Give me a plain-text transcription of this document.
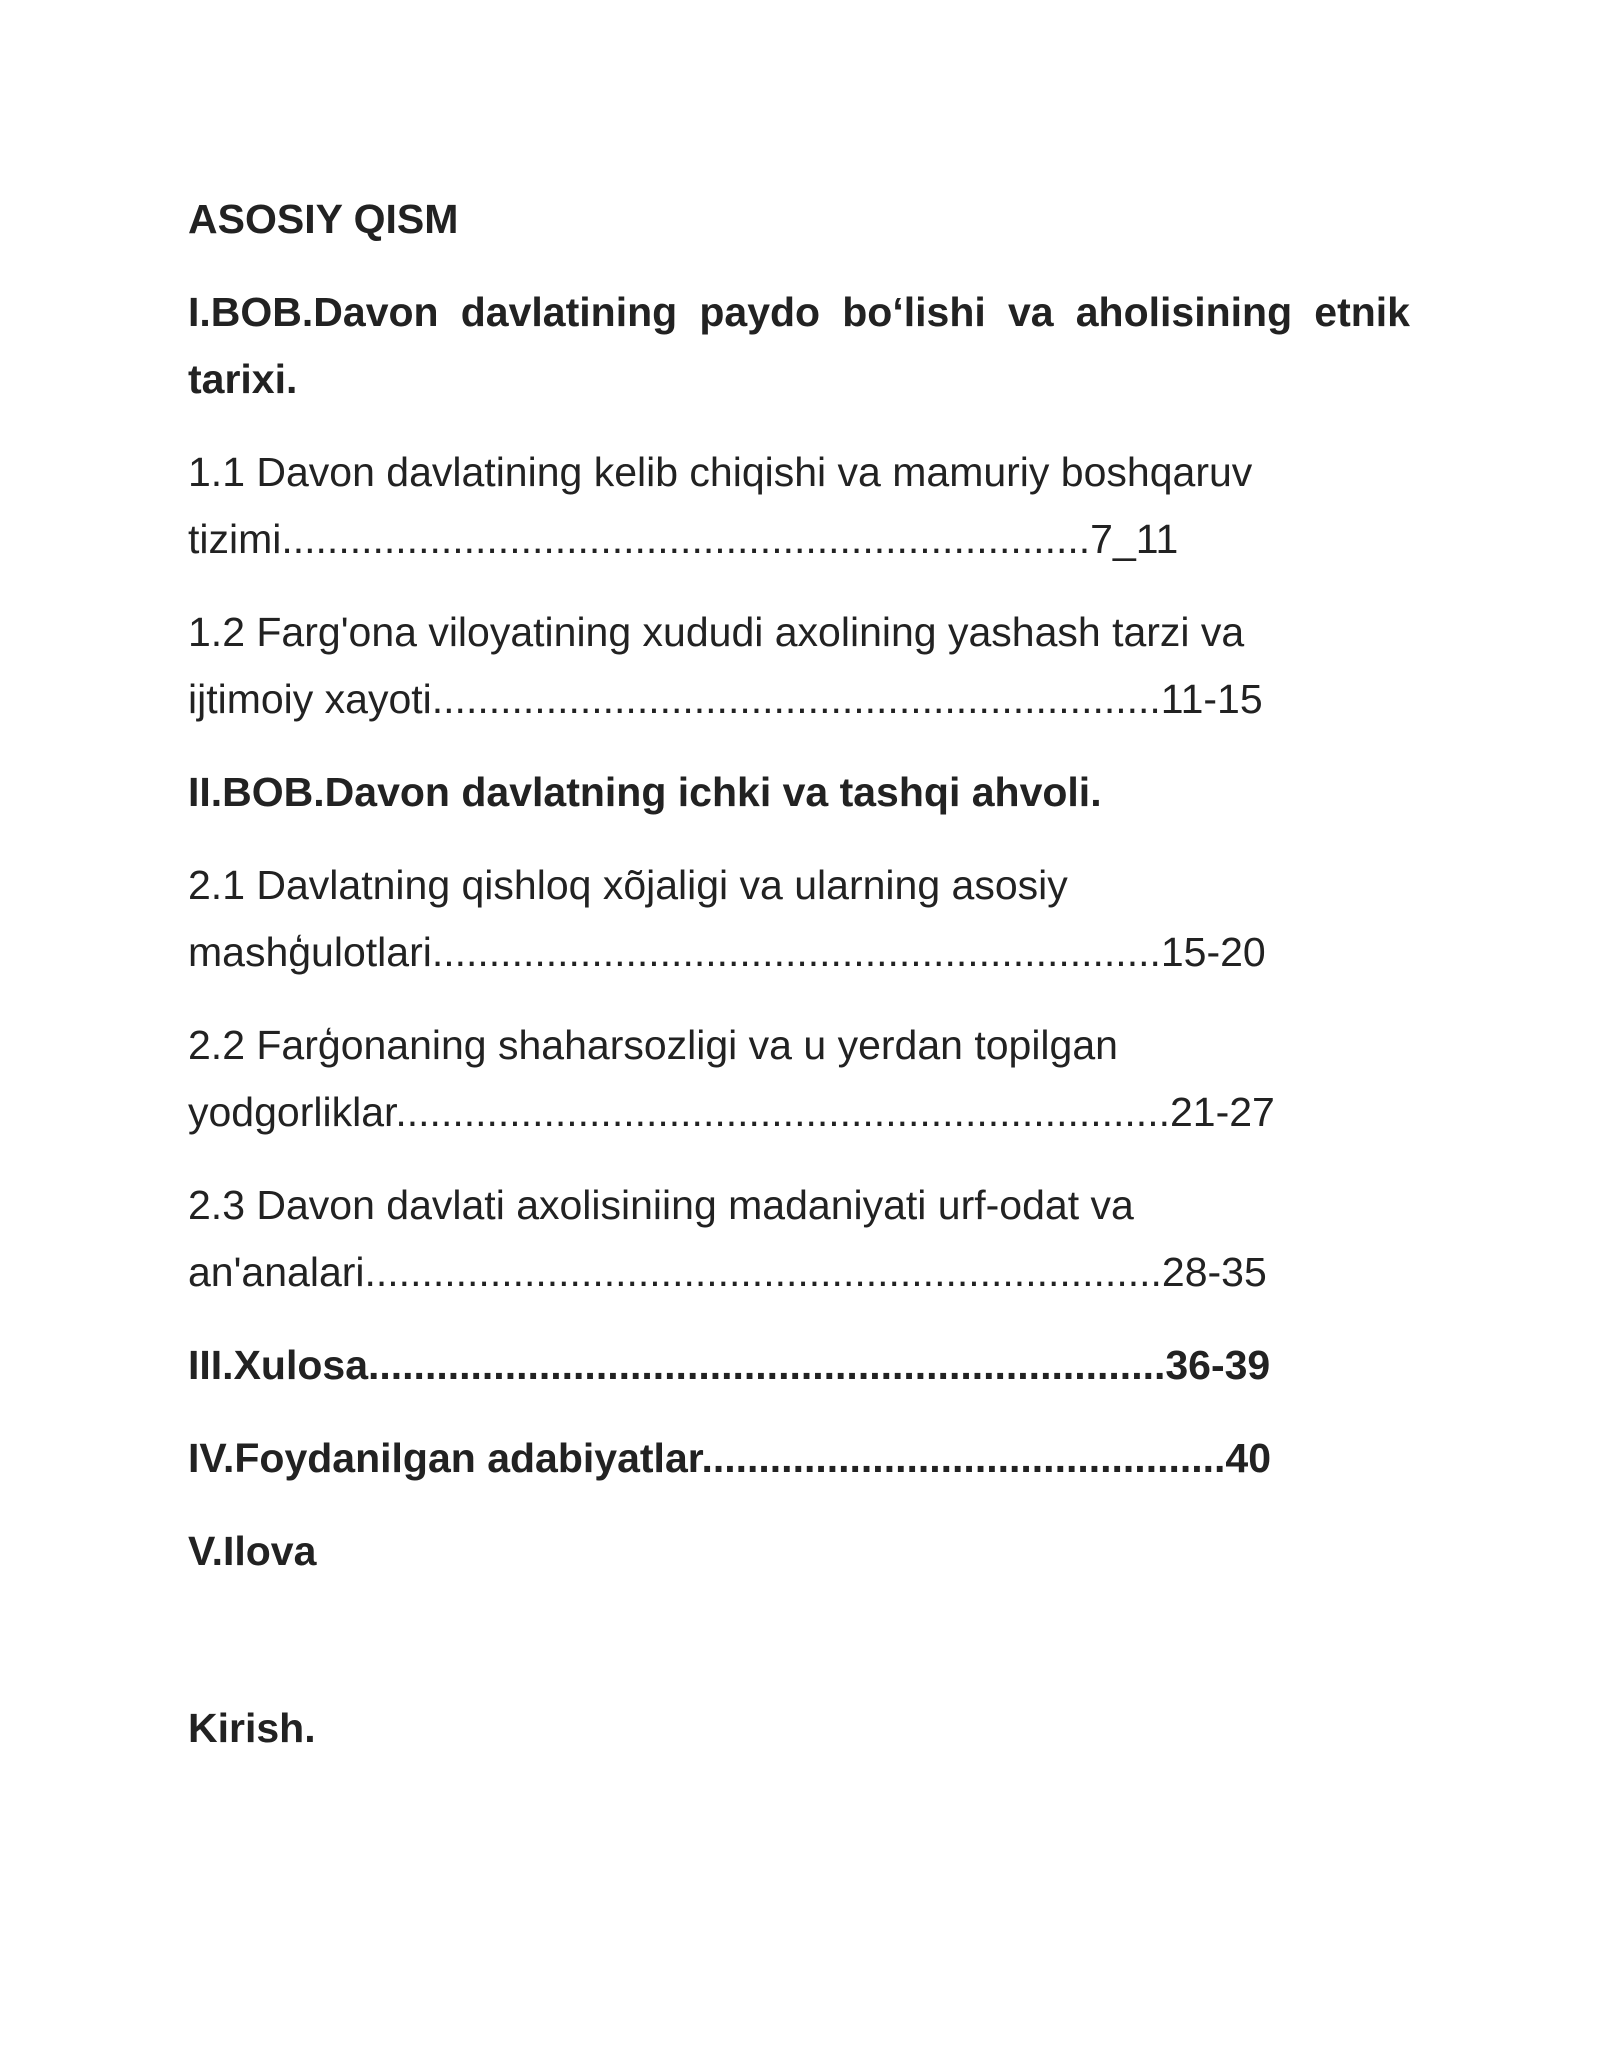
ASOSIY QISM

I.BOB.Davon davlatining paydo bo‘lishi va aholisining etnik tarixi.

1.1 Davon davlatining kelib chiqishi va mamuriy boshqaruv
tizimi.......................................................................7_11
1.2 Farg'ona viloyatining xududi axolining yashash tarzi va
ijtimoiy xayoti................................................................11-15

II.BOB.Davon davlatning ichki va tashqi ahvoli.

2.1 Davlatning qishloq xõjaligi va ularning asosiy
mashģulotlari................................................................15-20
2.2 Farģonaning shaharsozligi va u yerdan topilgan
yodgorliklar....................................................................21-27
2.3 Davon davlati axolisiniing madaniyati urf-odat va
an'analari......................................................................28-35

III.Xulosa......................................................................36-39

IV.Foydanilgan adabiyatlar..............................................40

V.Ilova

Kirish.
